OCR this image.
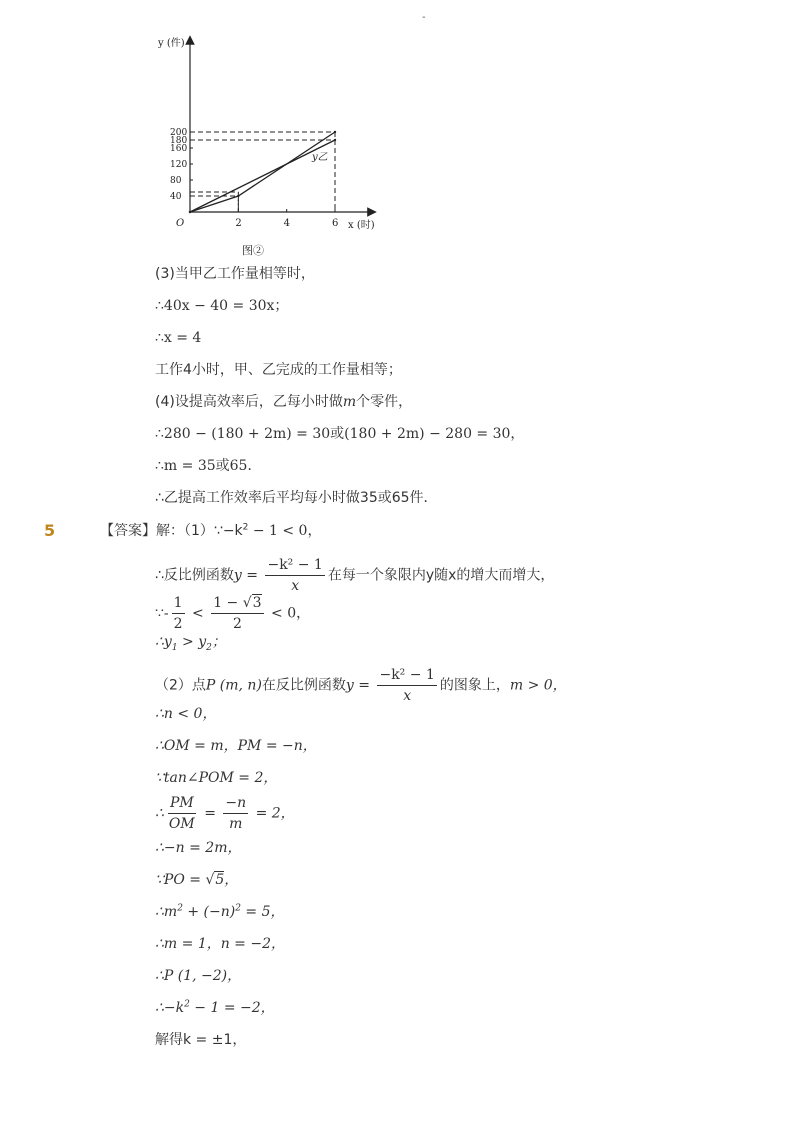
-
2	4	6
40
80
120
160
180
200
y (件)
x (时)
O
y乙
图②
(3)当甲乙工作量相等时，
∴40x − 40 = 30x；
∴x = 4
工作4小时，甲、乙完成的工作量相等；
(4)设提高效率后，乙每小时做m个零件，
∴280 − (180 + 2m) = 30或(180 + 2m) − 280 = 30，
∴m = 35或65．
∴乙提高工作效率后平均每小时做35或65件．
5	【答案】解：$(1)\because-k^2 - 1 < 0$，
∴反比例函数$y = \frac{\text{−k² − 1}}{x}$ 在每一个象限内y随x的增大而增大，
∵- $\frac{1}{2} < \frac{1 - √3}{2} < 0$，
$\therefore y_1 > y_2$；
（2）点P (m, n)在反比例函数$y = \frac{\text{−k² − 1}}{x}$ 的图象上，m > 0，
∴n < 0，
∴OM = m，PM = −n，
∵tan∠POM = 2，
∴ $\frac{PM}{OM} = \frac{-n}{m} = 2$，
∴−n = 2m，
∵PO = √5，
$\therefore m^2 + (-n)^2 = 5$，
∴m = 1，n = −2，
∴P (1, −2)，
$\therefore-k^2 - 1 = -2$，
解得k = ±1，
